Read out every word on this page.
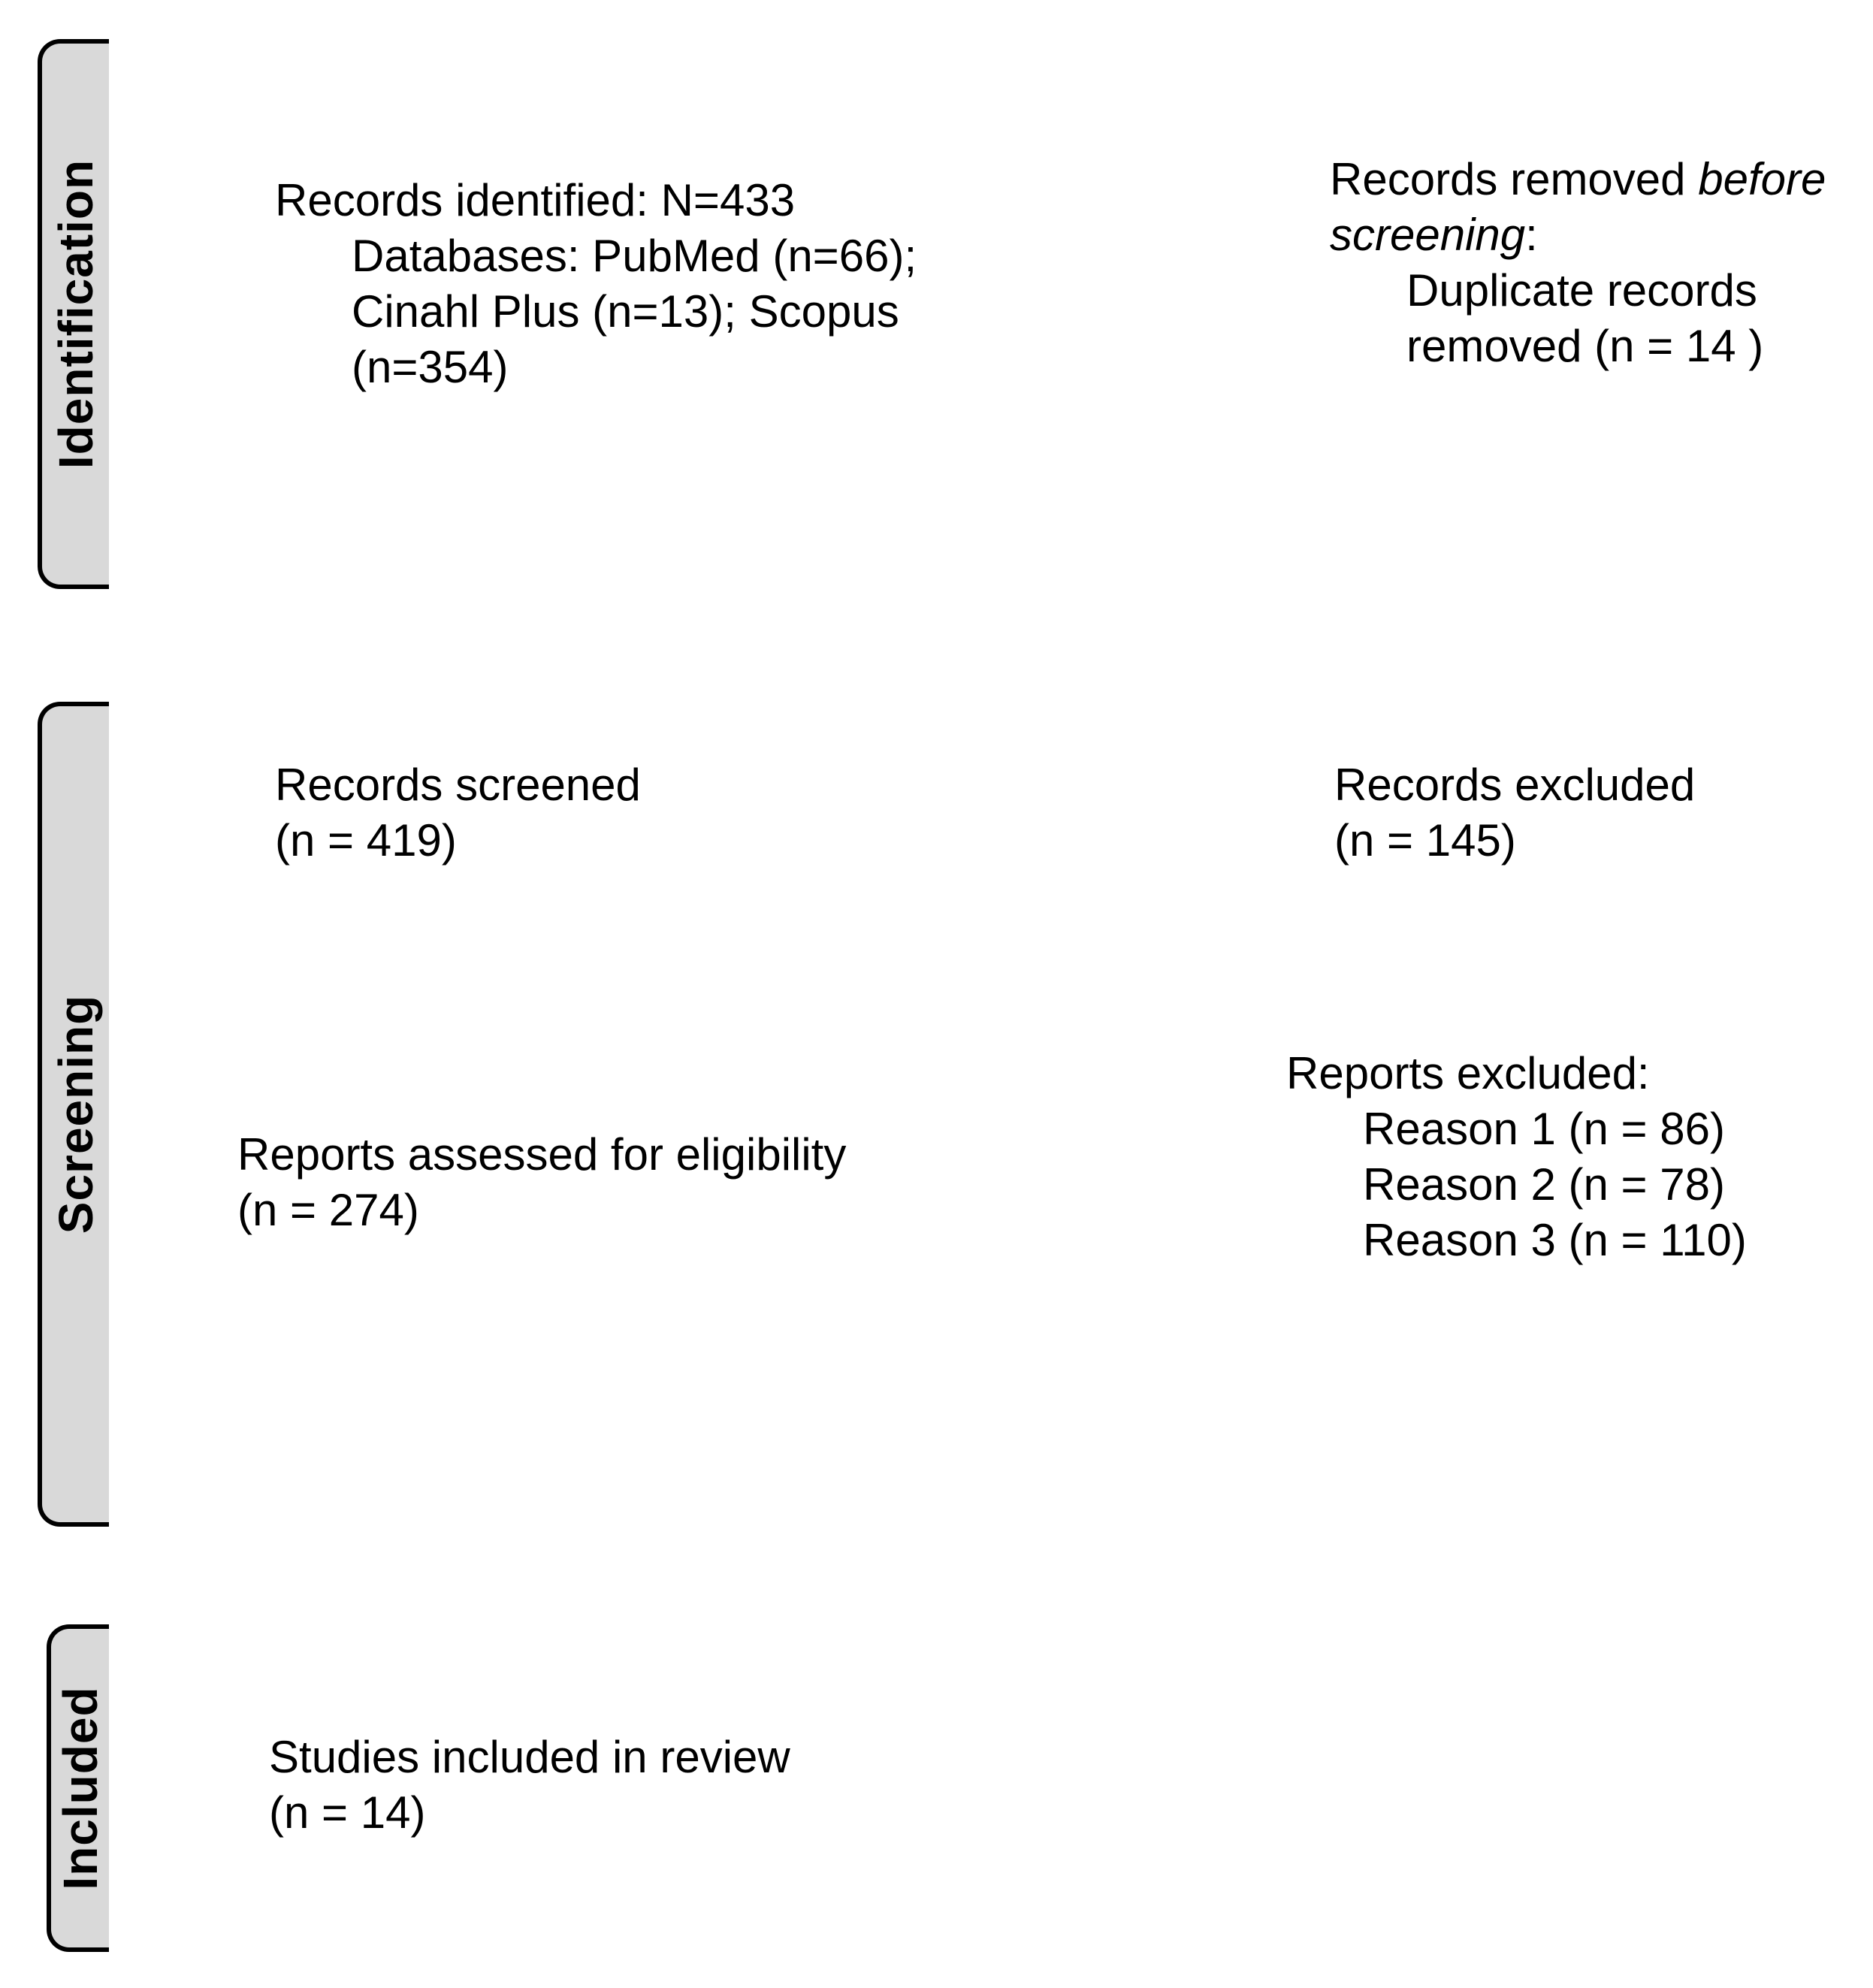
Identification
Screening
Included
Records identified: N=433
Databases: PubMed (n=66);
Cinahl Plus (n=13); Scopus
(n=354)
Records removed before
screening:
Duplicate records
removed (n = 14 )
Records screened
(n = 419)
Records excluded
(n = 145)
Reports assessed for eligibility
(n = 274)
Reports excluded:
Reason 1 (n = 86)
Reason 2 (n = 78)
Reason 3 (n = 110)
Studies included in review
(n = 14)
